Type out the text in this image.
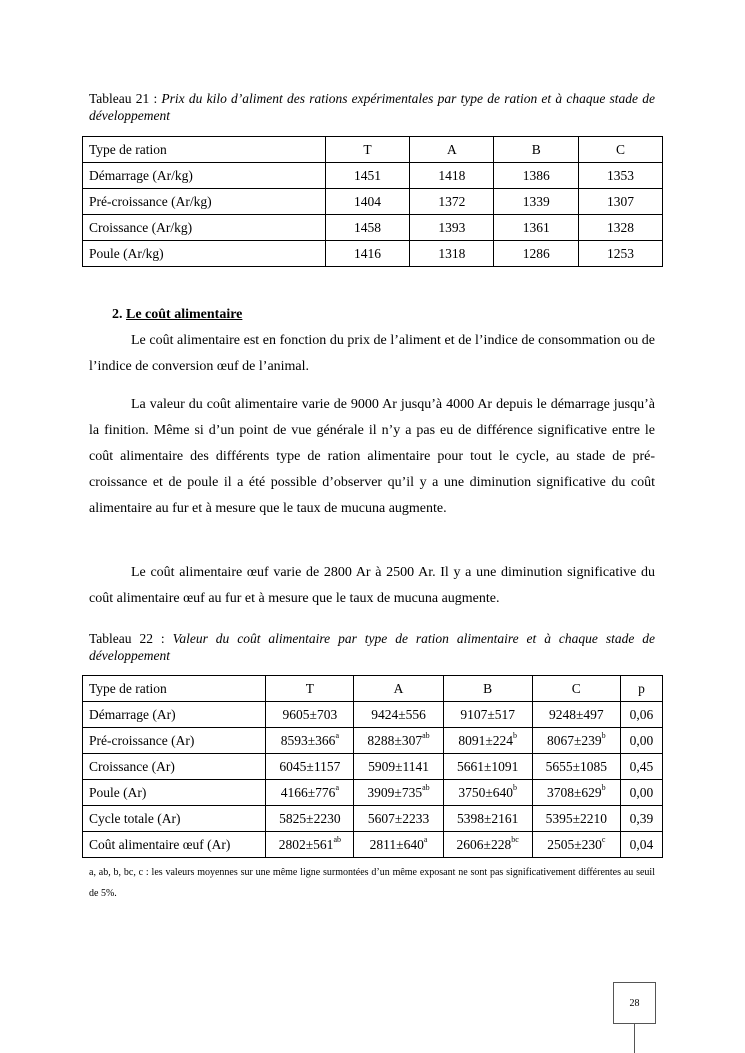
Tableau 21 : Prix du kilo d’aliment des rations expérimentales par type de ration et à chaque stade de développement
Type de ration	T	A	B	C
Démarrage (Ar/kg)	1451	1418	1386	1353
Pré-croissance (Ar/kg)	1404	1372	1339	1307
Croissance (Ar/kg)	1458	1393	1361	1328
Poule (Ar/kg)	1416	1318	1286	1253
2. Le coût alimentaire
Le coût alimentaire est en fonction du prix de l’aliment et de l’indice de consommation ou de l’indice de conversion œuf de l’animal.
La valeur du coût alimentaire varie de 9000 Ar jusqu’à 4000 Ar depuis le démarrage jusqu’à la finition. Même si d’un point de vue générale il n’y a pas eu de différence significative entre le coût alimentaire des différents type de ration alimentaire pour tout le cycle, au stade de pré-croissance et de poule il a été possible d’observer qu’il y a une diminution significative du coût alimentaire au fur et à mesure que le taux de mucuna augmente.
Le coût alimentaire œuf varie de 2800 Ar à 2500 Ar. Il y a une diminution significative du coût alimentaire œuf au fur et à mesure que le taux de mucuna augmente.
Tableau 22 : Valeur du coût alimentaire par type de ration alimentaire et à chaque stade de développement
Type de ration	T	A	B	C	p
Démarrage (Ar)	9605±703	9424±556	9107±517	9248±497	0,06
Pré-croissance (Ar)	$8593\pm 366^a$	$8288\pm 307^{ab}$	$8091\pm 224^b$	$8067\pm 239^b$	0,00
Croissance (Ar)	6045±1157	5909±1141	5661±1091	5655±1085	0,45
Poule (Ar)	$4166\pm 776^a$	$3909\pm 735^{ab}$	$3750\pm 640^b$	$3708\pm 629^b$	0,00
Cycle totale (Ar)	5825±2230	5607±2233	5398±2161	5395±2210	0,39
Coût alimentaire œuf (Ar)	$2802\pm 561^{ab}$	$2811\pm 640^a$	$2606\pm 228^{bc}$	$2505\pm 230^c$	0,04
a, ab, b, bc, c : les valeurs moyennes sur une même ligne surmontées d’un même exposant ne sont pas significativement différentes au seuil de 5%.
28
